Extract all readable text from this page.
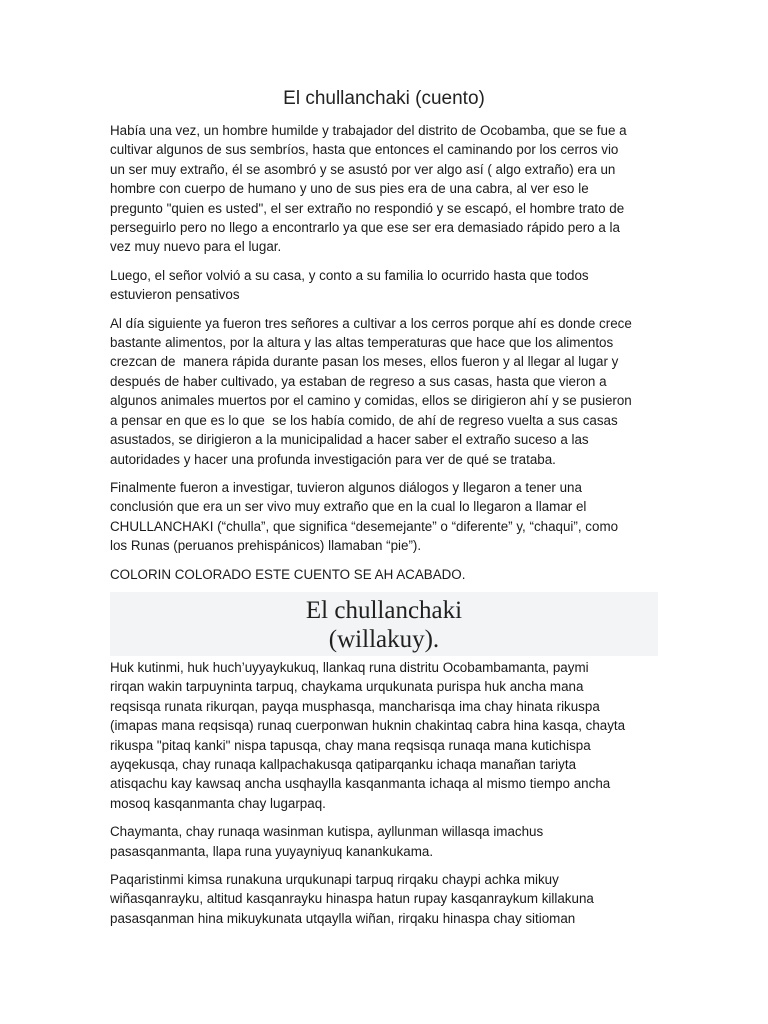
El chullanchaki (cuento)

Había una vez, un hombre humilde y trabajador del distrito de Ocobamba, que se fue a
cultivar algunos de sus sembríos, hasta que entonces el caminando por los cerros vio
un ser muy extraño, él se asombró y se asustó por ver algo así ( algo extraño) era un
hombre con cuerpo de humano y uno de sus pies era de una cabra, al ver eso le
pregunto "quien es usted", el ser extraño no respondió y se escapó, el hombre trato de
perseguirlo pero no llego a encontrarlo ya que ese ser era demasiado rápido pero a la
vez muy nuevo para el lugar.

Luego, el señor volvió a su casa, y conto a su familia lo ocurrido hasta que todos
estuvieron pensativos

Al día siguiente ya fueron tres señores a cultivar a los cerros porque ahí es donde crece
bastante alimentos, por la altura y las altas temperaturas que hace que los alimentos
crezcan de  manera rápida durante pasan los meses, ellos fueron y al llegar al lugar y
después de haber cultivado, ya estaban de regreso a sus casas, hasta que vieron a
algunos animales muertos por el camino y comidas, ellos se dirigieron ahí y se pusieron
a pensar en que es lo que  se los había comido, de ahí de regreso vuelta a sus casas
asustados, se dirigieron a la municipalidad a hacer saber el extraño suceso a las
autoridades y hacer una profunda investigación para ver de qué se trataba.

Finalmente fueron a investigar, tuvieron algunos diálogos y llegaron a tener una
conclusión que era un ser vivo muy extraño que en la cual lo llegaron a llamar el
CHULLANCHAKI (“chulla”, que significa “desemejante” o “diferente” y, “chaqui”, como
los Runas (peruanos prehispánicos) llamaban “pie”).

COLORIN COLORADO ESTE CUENTO SE AH ACABADO.

El chullanchaki
(willakuy).

Huk kutinmi, huk huch’uyyaykukuq, llankaq runa distritu Ocobambamanta, paymi
rirqan wakin tarpuyninta tarpuq, chaykama urqukunata purispa huk ancha mana
reqsisqa runata rikurqan, payqa musphasqa, mancharisqa ima chay hinata rikuspa
(imapas mana reqsisqa) runaq cuerponwan huknin chakintaq cabra hina kasqa, chayta
rikuspa "pitaq kanki" nispa tapusqa, chay mana reqsisqa runaqa mana kutichispa
ayqekusqa, chay runaqa kallpachakusqa qatiparqanku ichaqa manañan tariyta
atisqachu kay kawsaq ancha usqhaylla kasqanmanta ichaqa al mismo tiempo ancha
mosoq kasqanmanta chay lugarpaq.

Chaymanta, chay runaqa wasinman kutispa, ayllunman willasqa imachus
pasasqanmanta, llapa runa yuyayniyuq kanankukama.

Paqaristinmi kimsa runakuna urqukunapi tarpuq rirqaku chaypi achka mikuy
wiñasqanrayku, altitud kasqanrayku hinaspa hatun rupay kasqanraykum killakuna
pasasqanman hina mikuykunata utqaylla wiñan, rirqaku hinaspa chay sitioman
